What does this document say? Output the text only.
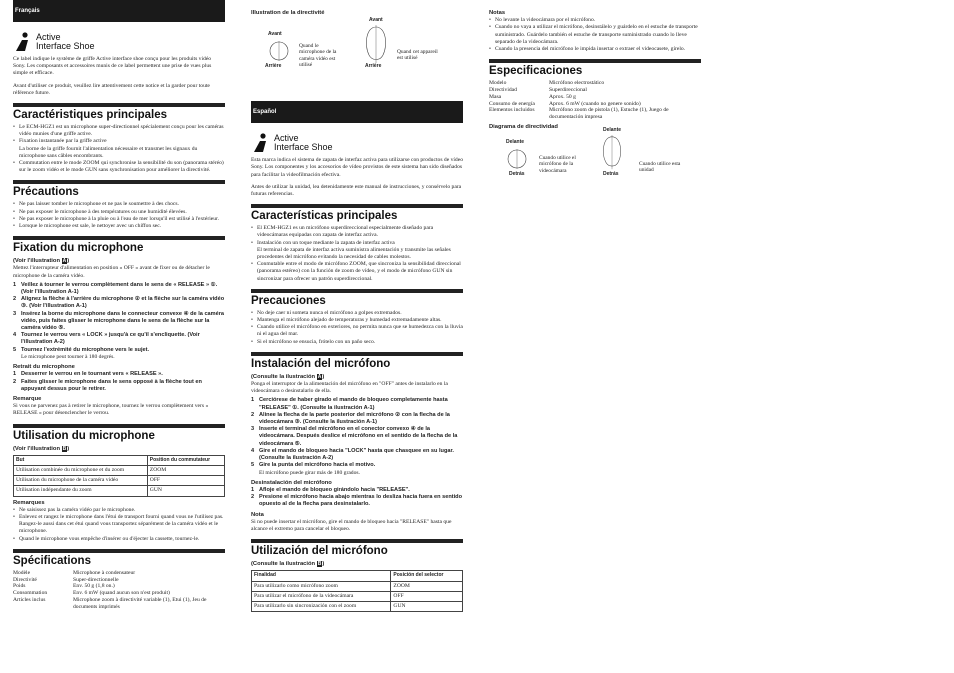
Français
Active
Interface Shoe

Ce label indique le système de griffe Active interface shoe conçu pour les produits vidéo Sony. Les composants et accessoires munis de ce label permettent une prise de vues plus simple et efficace.

Avant d'utiliser ce produit, veuillez lire attentivement cette notice et la garder pour toute référence future.

Caractéristiques principales
• Le ECM-HGZ1 est un microphone super-directionnel spécialement conçu pour les caméras vidéo munies d'une griffe active.
• Fixation instantanée par la griffe active
La borne de la griffe fournit l'alimentation nécessaire et transmet les signaux du microphone sans câbles encombrants.
• Commutation entre le mode ZOOM qui synchronise la sensibilité du son (panorama stéréo) sur le zoom vidéo et le mode GUN sans synchronisation pour améliorer la directivité.
Précautions
• Ne pas laisser tomber le microphone et ne pas le soumettre à des chocs.
• Ne pas exposer le microphone à des températures ou une humidité élevées.
• Ne pas exposer le microphone à la pluie ou à l'eau de mer lorsqu'il est utilisé à l'extérieur.
• Lorsque le microphone est sale, le nettoyer avec un chiffon sec.
Fixation du microphone
(Voir l'illustration A)

Mettez l'interrupteur d'alimentation en position « OFF » avant de fixer ou de détacher le microphone de la caméra vidéo.

1 Veillez à tourner le verrou complètement dans le sens de « RELEASE » ①. (Voir l'illustration A-1)
2 Alignez la flèche à l'arrière du microphone ② et la flèche sur la caméra vidéo ③. (Voir l'illustration A-1)
3 Insérez la borne du microphone dans le connecteur convexe ④ de la caméra vidéo, puis faites glisser le microphone dans le sens de la flèche sur la caméra vidéo ⑤.
4 Tournez le verrou vers « LOCK » jusqu'à ce qu'il s'encliquette. (Voir l'illustration A-2)
5 Tournez l'extrémité du microphone vers le sujet.
Le microphone peut tourner à 180 degrés.
Retrait du microphone
1 Desserrer le verrou en le tournant vers « RELEASE ».
2 Faites glisser le microphone dans le sens opposé à la flèche tout en appuyant dessus pour le retirer.
Remarque

Si vous ne parvenez pas à retirer le microphone, tournez le verrou complètement vers « RELEASE » pour désenclencher le verrou.

Utilisation du microphone
(Voir l'illustration B)
But	Position du commutateur
Utilisation combinée du microphone et du zoom	ZOOM
Utilisation du microphone de la caméra vidéo	OFF
Utilisation indépendante du zoom	GUN
Remarques
• Ne saisissez pas la caméra vidéo par le microphone.
• Enlevez et rangez le microphone dans l'étui de transport fourni quand vous ne l'utilisez pas. Rangez-le aussi dans cet étui quand vous transportez séparément de la caméra vidéo et le microphone.
• Quand le microphone vous empêche d'insérer ou d'éjecter la cassette, tournez-le.
Spécifications
Modèle	Microphone à condensateur
Directivité	Super-directionnelle
Poids	Env. 50 g (1,8 on.)
Consommation	Env. 6 mW (quand aucun son n'est produit)
Articles inclus	Microphone zoom à directivité variable (1), Etui (1), Jeu de documents imprimés
Illustration de la directivité
Avant
Arrière
Quand le microphone de la caméra vidéo est utilisé
Avant
Arrière
Quand cet appareil est utilisé
Español
Active
Interface Shoe

Esta marca indica el sistema de zapata de interfaz activa para utilizarse con productos de vídeo Sony. Los componentes y los accesorios de vídeo provistos de este sistema han sido diseñados para facilitar la videofilmación efectiva.

Antes de utilizar la unidad, lea detenidamente este manual de instrucciones, y consérvelo para futuras referencias.

Características principales
• El ECM-HGZ1 es un micrófono superdireccional especialmente diseñado para videocámaras equipadas con zapata de interfaz activa.
• Instalación con un toque mediante la zapata de interfaz activa
El terminal de zapata de interfaz activa suministra alimentación y transmite las señales procedentes del micrófono evitando la necesidad de cables molestos.
• Conmutable entre el modo de micrófono ZOOM, que sincroniza la sensibilidad direccional (panorama estéreo) con la función de zoom de vídeo, y el modo de micrófono GUN sin sincronizar para ofrecer un patrón superdireccional.
Precauciones
• No deje caer ni someta nunca el micrófono a golpes extremados.
• Mantenga el micrófono alejado de temperaturas y humedad extremadamente altas.
• Cuando utilice el micrófono en exteriores, no permita nunca que se humedezca con la lluvia ni el agua del mar.
• Si el micrófono se ensucia, frótelo con un paño seco.
Instalación del micrófono
(Consulte la ilustración A)

Ponga el interruptor de la alimentación del micrófono en "OFF" antes de instalarlo en la videocámara o desinstalarlo de ella.

1 Cerciórese de haber girado el mando de bloqueo completamente hasta "RELEASE" ①. (Consulte la ilustración A-1)
2 Alinee la flecha de la parte posterior del micrófono ② con la flecha de la videocámara ③. (Consulte la ilustración A-1)
3 Inserte el terminal del micrófono en el conector convexo ④ de la videocámara. Después deslice el micrófono en el sentido de la flecha de la videocámara ⑤.
4 Gire el mando de bloqueo hacia "LOCK" hasta que chasquee en su lugar. (Consulte la ilustración A-2)
5 Gire la punta del micrófono hacia el motivo.
El micrófono puede girar más de 180 grados.
Desinstalación del micrófono
1 Afloje el mando de bloqueo girándolo hacia "RELEASE".
2 Presione el micrófono hacia abajo mientras lo desliza hacia fuera en sentido opuesto al de la flecha para desinstalarlo.
Nota

Si no puede insertar el micrófono, gire el mando de bloqueo hacia "RELEASE" hasta que alcance el extremo para cancelar el bloqueo.

Utilización del micrófono
(Consulte la ilustración B)
Finalidad	Posición del selector
Para utilizarlo como micrófono zoom	ZOOM
Para utilizar el micrófono de la videocámara	OFF
Para utilizarlo sin sincronización con el zoom	GUN
Notas
• No levante la videocámara por el micrófono.
• Cuando no vaya a utilizar el micrófono, desinstálelo y guárdelo en el estuche de transporte suministrado. Guárdelo también el estuche de transporte suministrado cuando lo lleve separado de la videocámara.
• Cuando la presencia del micrófono le impida insertar o extraer el videocasete, gírelo.
Especificaciones
Modelo	Micrófono electrostático
Directividad	Superdireccional
Masa	Aprox. 50 g
Consumo de energía	Aprox. 6 mW (cuando no genere sonido)
Elementos incluidos	Micrófono zoom de pistola (1), Estuche (1), Juego de documentación impresa
Diagrama de directividad
Delante
Detrás
Cuando utilice el micrófono de la videocámara
Delante
Detrás
Cuando utilice esta unidad
